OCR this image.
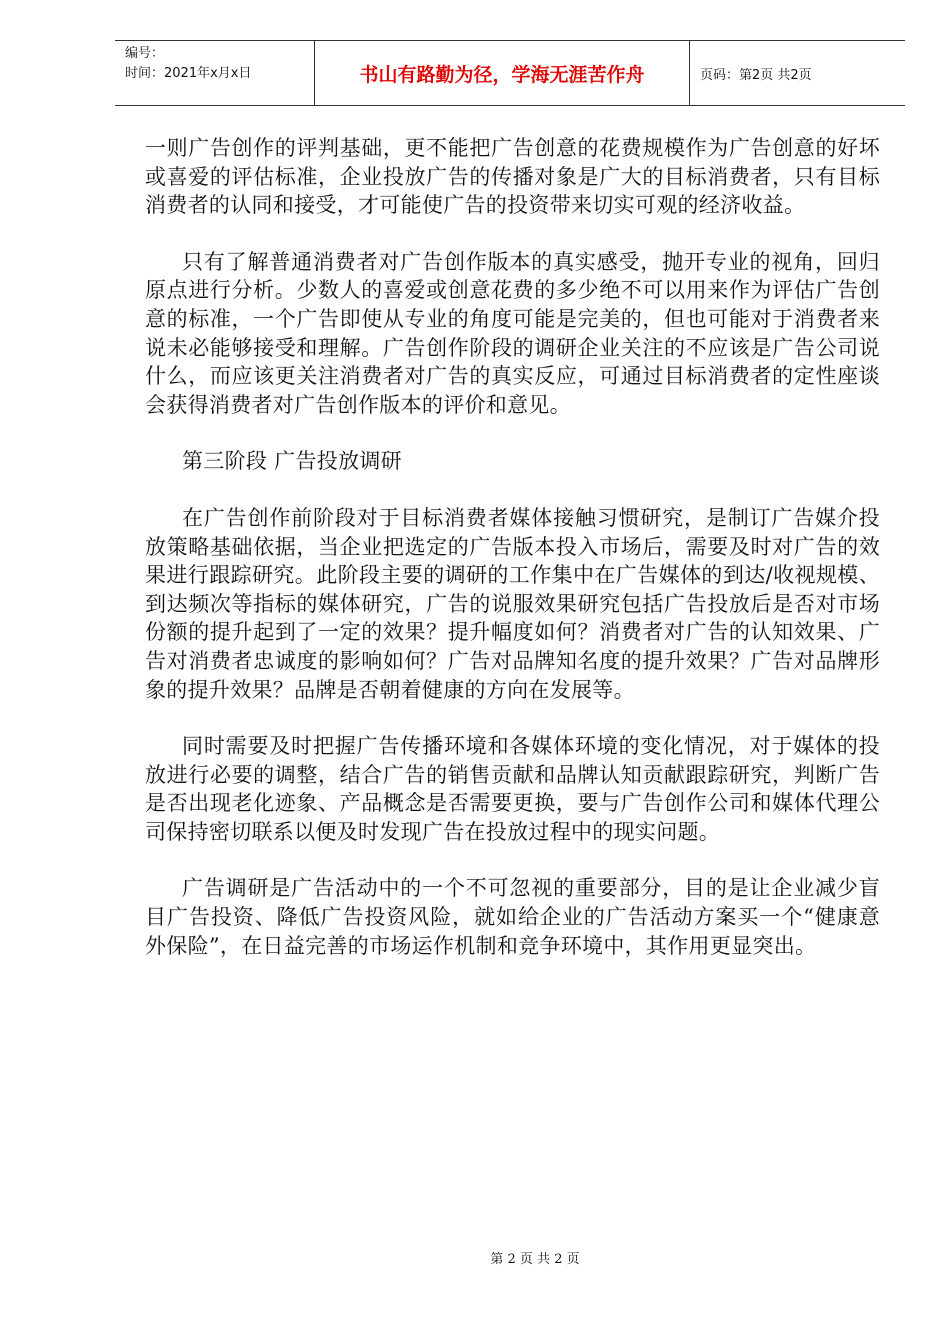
编号：
时间：2021年x月x日	书山有路勤为径，学海无涯苦作舟	页码：第2页 共2页

一则广告创作的评判基础，更不能把广告创意的花费规模作为广告创意的好坏或喜爱的评估标准，企业投放广告的传播对象是广大的目标消费者，只有目标消费者的认同和接受，才可能使广告的投资带来切实可观的经济收益。

只有了解普通消费者对广告创作版本的真实感受，抛开专业的视角，回归原点进行分析。少数人的喜爱或创意花费的多少绝不可以用来作为评估广告创意的标准，一个广告即使从专业的角度可能是完美的，但也可能对于消费者来说未必能够接受和理解。广告创作阶段的调研企业关注的不应该是广告公司说什么，而应该更关注消费者对广告的真实反应，可通过目标消费者的定性座谈会获得消费者对广告创作版本的评价和意见。

第三阶段 广告投放调研

在广告创作前阶段对于目标消费者媒体接触习惯研究，是制订广告媒介投放策略基础依据，当企业把选定的广告版本投入市场后，需要及时对广告的效果进行跟踪研究。此阶段主要的调研的工作集中在广告媒体的到达/收视规模、到达频次等指标的媒体研究，广告的说服效果研究包括广告投放后是否对市场份额的提升起到了一定的效果？提升幅度如何？消费者对广告的认知效果、广告对消费者忠诚度的影响如何？广告对品牌知名度的提升效果？广告对品牌形象的提升效果？品牌是否朝着健康的方向在发展等。

同时需要及时把握广告传播环境和各媒体环境的变化情况，对于媒体的投放进行必要的调整，结合广告的销售贡献和品牌认知贡献跟踪研究，判断广告是否出现老化迹象、产品概念是否需要更换，要与广告创作公司和媒体代理公司保持密切联系以便及时发现广告在投放过程中的现实问题。

广告调研是广告活动中的一个不可忽视的重要部分，目的是让企业减少盲目广告投资、降低广告投资风险，就如给企业的广告活动方案买一个“健康意外保险”，在日益完善的市场运作机制和竞争环境中，其作用更显突出。

第 2 页 共 2 页
